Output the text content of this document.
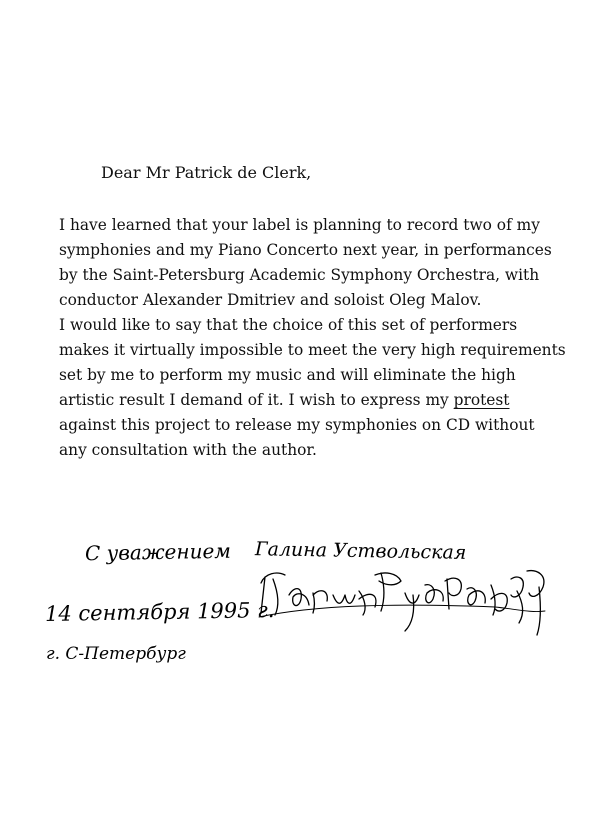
Dear Mr Patrick de Clerk,
I have learned that your label is planning to record two of my
symphonies and my Piano Concerto next year, in performances
by the Saint-Petersburg Academic Symphony Orchestra, with
conductor Alexander Dmitriev and soloist Oleg Malov.
I would like to say that the choice of this set of performers
makes it virtually impossible to meet the very high requirements
set by me to perform my music and will eliminate the high
artistic result I demand of it. I wish to express my protest
against this project to release my symphonies on CD without
any consultation with the author.
С уважением Галина Уствольская
14 сентября 1995 г.
г. С-Петербург
